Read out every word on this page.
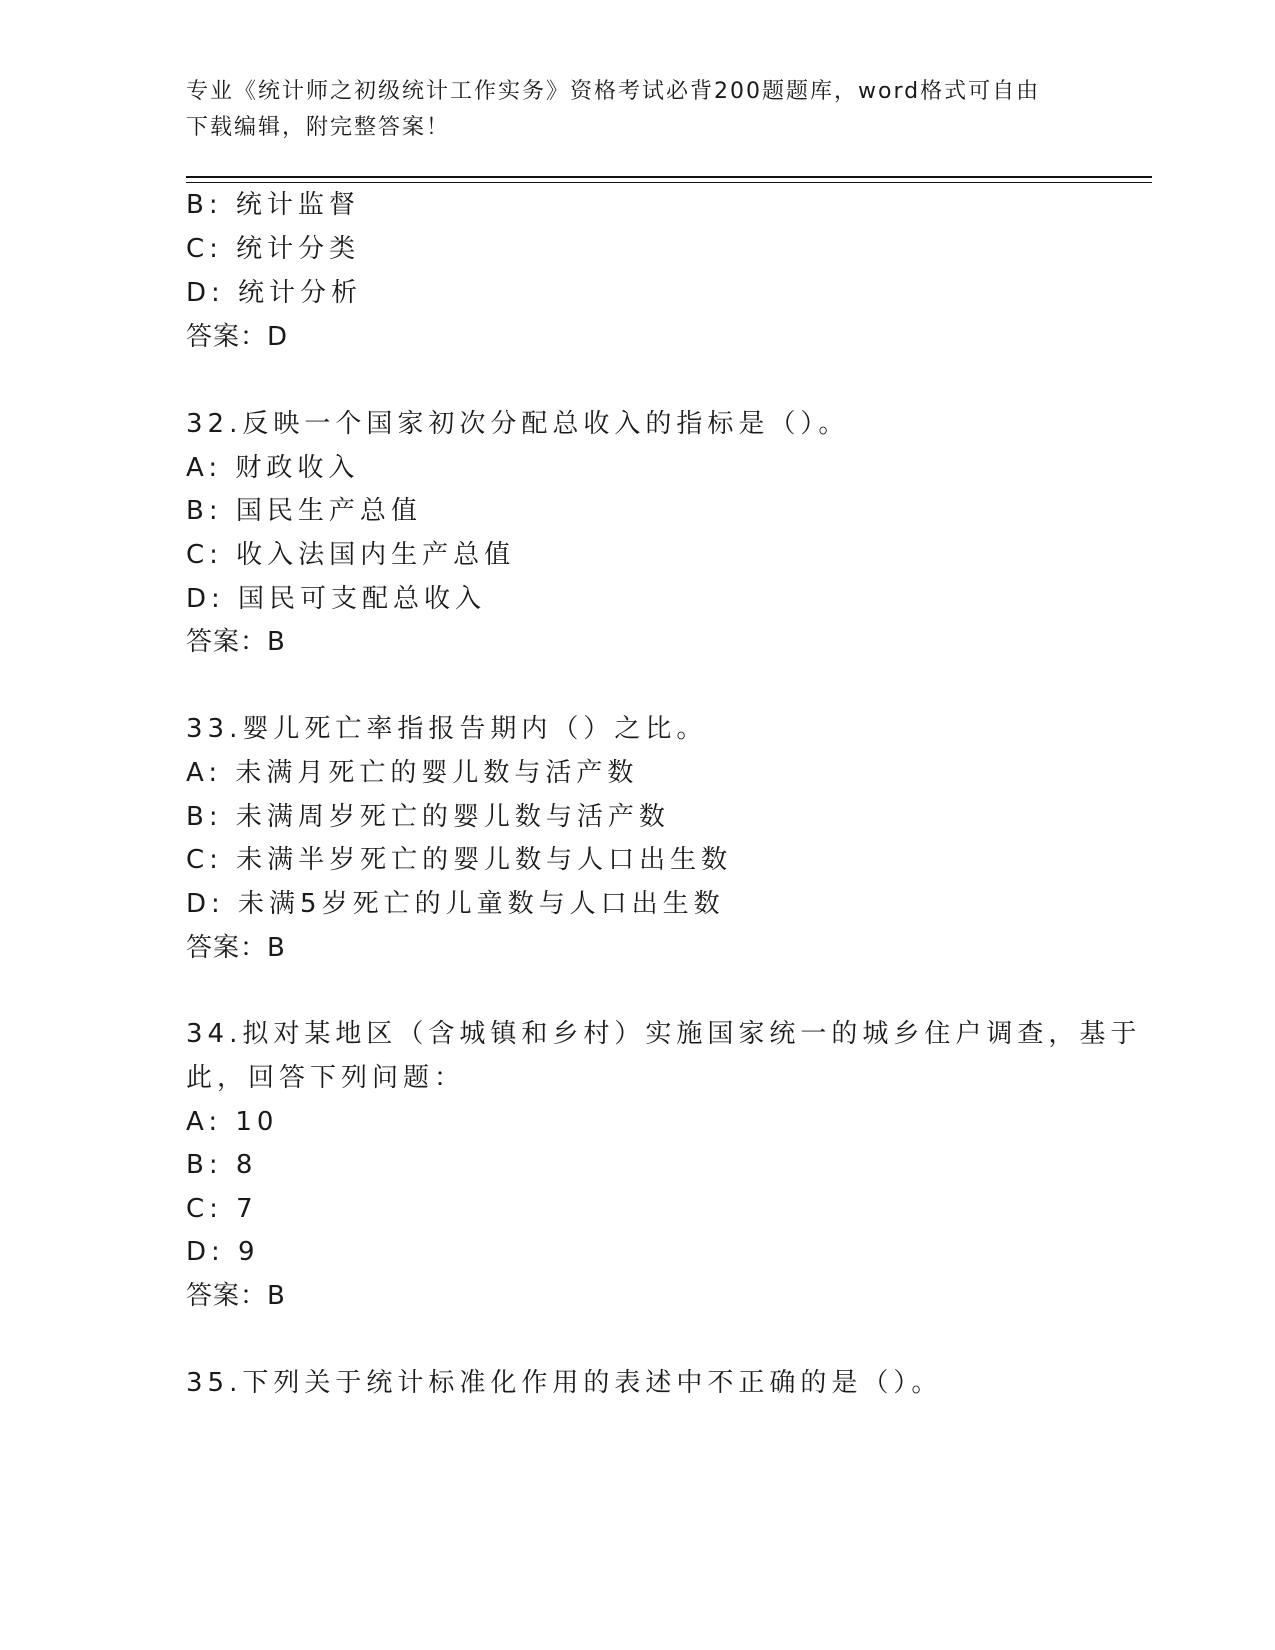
专业《统计师之初级统计工作实务》资格考试必背200题题库，word格式可自由
下载编辑，附完整答案！
B: 统计监督
C: 统计分类
D: 统计分析
答案：D
32.反映一个国家初次分配总收入的指标是（）。
A: 财政收入
B: 国民生产总值
C: 收入法国内生产总值
D: 国民可支配总收入
答案：B
33.婴儿死亡率指报告期内（）之比。
A: 未满月死亡的婴儿数与活产数
B: 未满周岁死亡的婴儿数与活产数
C: 未满半岁死亡的婴儿数与人口出生数
D: 未满5岁死亡的儿童数与人口出生数
答案：B
34.拟对某地区（含城镇和乡村）实施国家统一的城乡住户调查，基于
此，回答下列问题：
A: 10
B: 8
C: 7
D: 9
答案：B
35.下列关于统计标准化作用的表述中不正确的是（）。
